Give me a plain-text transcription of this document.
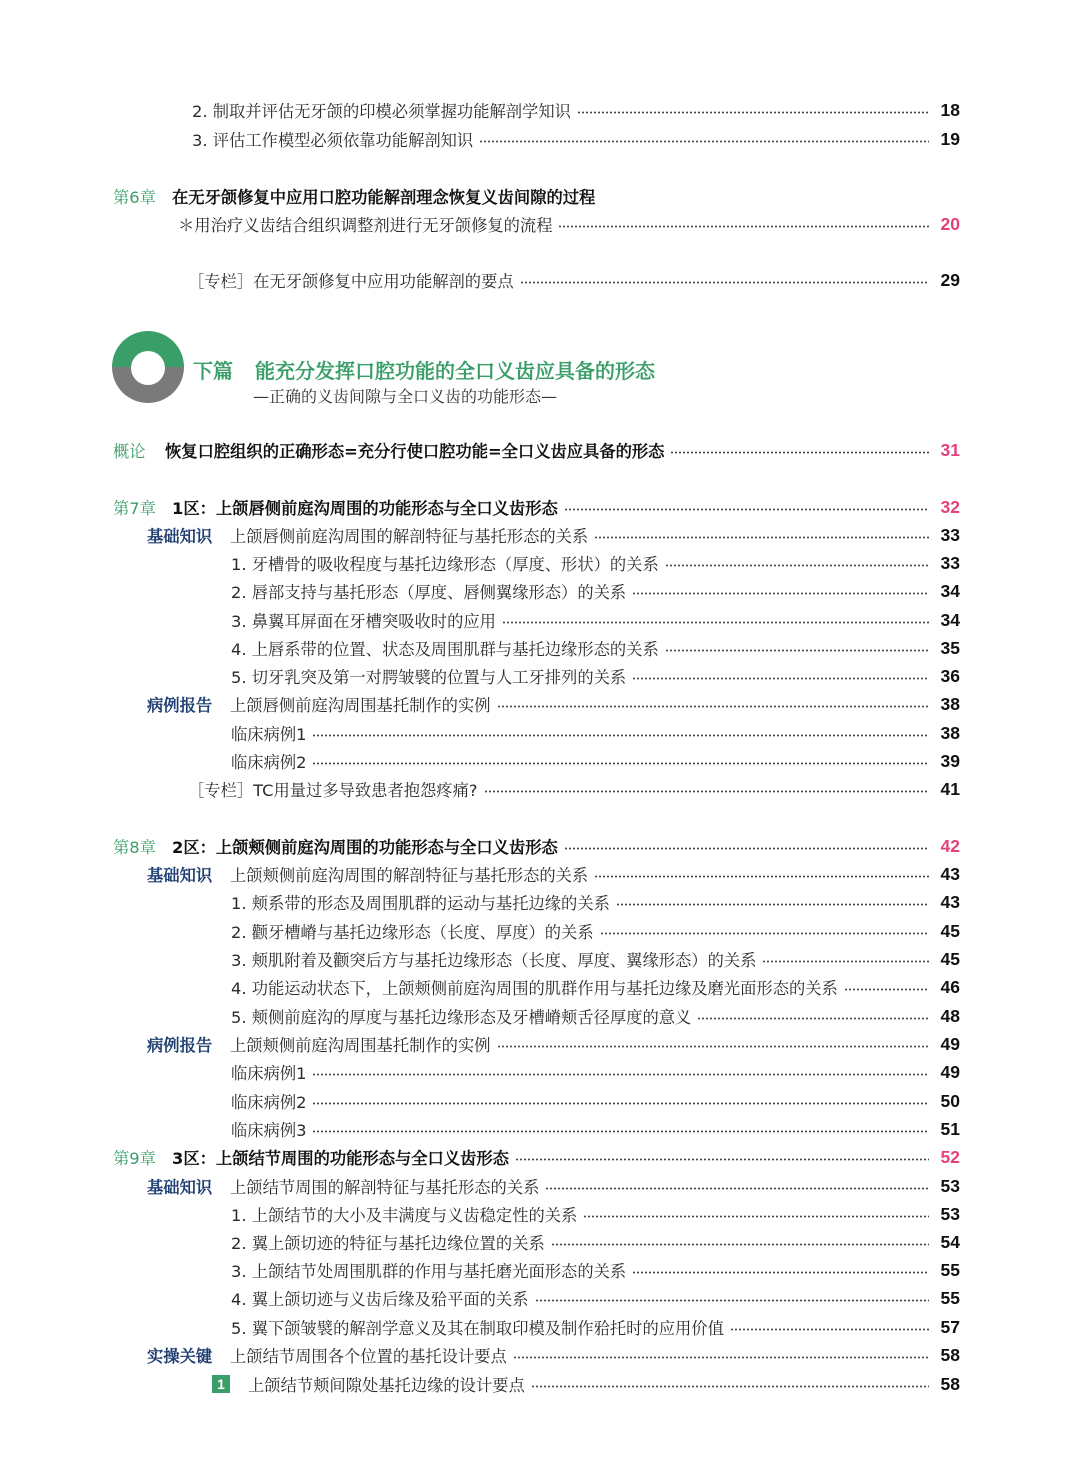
2. 制取并评估无牙颌的印模必须掌握功能解剖学知识	18
3. 评估工作模型必须依靠功能解剖知识	19
第6章 在无牙颌修复中应用口腔功能解剖理念恢复义齿间隙的过程
＊用治疗义齿结合组织调整剂进行无牙颌修复的流程	20
［专栏］在无牙颌修复中应用功能解剖的要点	29
下篇 能充分发挥口腔功能的全口义齿应具备的形态
—正确的义齿间隙与全口义齿的功能形态—
概论	恢复口腔组织的正确形态=充分行使口腔功能=全口义齿应具备的形态	31
第7章 1区：上颌唇侧前庭沟周围的功能形态与全口义齿形态	32
基础知识	上颌唇侧前庭沟周围的解剖特征与基托形态的关系	33
1. 牙槽骨的吸收程度与基托边缘形态（厚度、形状）的关系	33
2. 唇部支持与基托形态（厚度、唇侧翼缘形态）的关系	34
3. 鼻翼耳屏面在牙槽突吸收时的应用	34
4. 上唇系带的位置、状态及周围肌群与基托边缘形态的关系	35
5. 切牙乳突及第一对腭皱襞的位置与人工牙排列的关系	36
病例报告	上颌唇侧前庭沟周围基托制作的实例	38
临床病例1	38
临床病例2	39
［专栏］TC用量过多导致患者抱怨疼痛?	41
第8章 2区：上颌颊侧前庭沟周围的功能形态与全口义齿形态	42
基础知识	上颌颊侧前庭沟周围的解剖特征与基托形态的关系	43
1. 颊系带的形态及周围肌群的运动与基托边缘的关系	43
2. 颧牙槽嵴与基托边缘形态（长度、厚度）的关系	45
3. 颊肌附着及颧突后方与基托边缘形态（长度、厚度、翼缘形态）的关系	45
4. 功能运动状态下，上颌颊侧前庭沟周围的肌群作用与基托边缘及磨光面形态的关系	46
5. 颊侧前庭沟的厚度与基托边缘形态及牙槽嵴颊舌径厚度的意义	48
病例报告	上颌颊侧前庭沟周围基托制作的实例	49
临床病例1	49
临床病例2	50
临床病例3	51
第9章 3区：上颌结节周围的功能形态与全口义齿形态	52
基础知识	上颌结节周围的解剖特征与基托形态的关系	53
1. 上颌结节的大小及丰满度与义齿稳定性的关系	53
2. 翼上颌切迹的特征与基托边缘位置的关系	54
3. 上颌结节处周围肌群的作用与基托磨光面形态的关系	55
4. 翼上颌切迹与义齿后缘及𬌗平面的关系	55
5. 翼下颌皱襞的解剖学意义及其在制取印模及制作𬌗托时的应用价值	57
实操关键	上颌结节周围各个位置的基托设计要点	58
1	上颌结节颊间隙处基托边缘的设计要点	58
